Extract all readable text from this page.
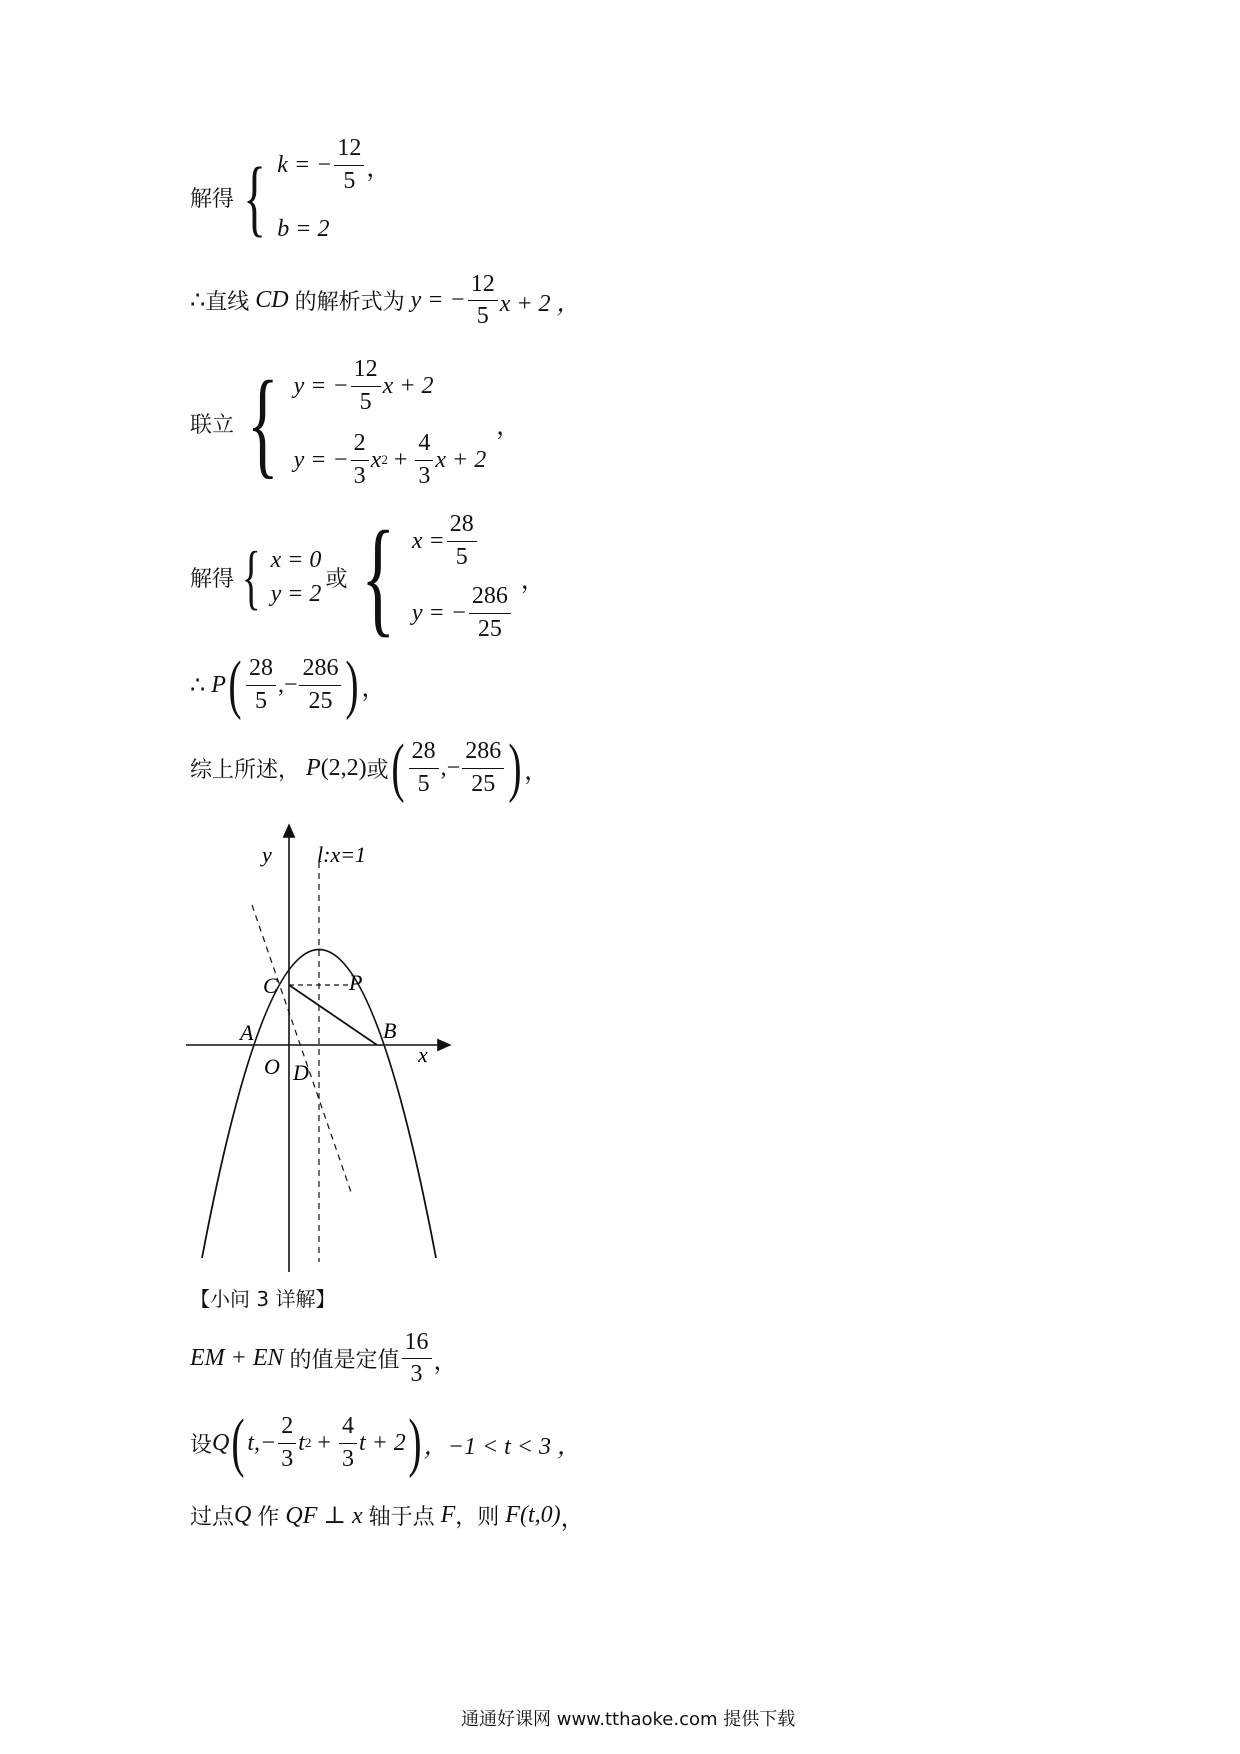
解得 { k = − $\frac{12}{5}$ ，
b = 2
∴ 直线 CD 的解析式为 y = − $\frac{12}{5}$ x + 2 ，
联立 { y = − $\frac{12}{5}$ x + 2
y = − $\frac{2}{3}$ x $2 + \frac{4}{3}$ x + 2
，
解得 { x = 0
y = 2
或 { $x = \frac{28}{5}$
y = − $\frac{286}{25}$
，
∴ P ( $\frac{28}{5}$ ,− $\frac{286}{25}$ ) ，
综上所述， P (2,2) 或 ( $\frac{28}{5}$ ,− $\frac{286}{25}$ ) ，
y
x
l:x=1
C	P
A	B
O D
【小问 3 详解】
EM + EN 的值是定值 $\frac{16}{3}$ ，
设 Q ( $t,- \frac{2}{3}$ t $2 + \frac{4}{3}$ t + 2 ) ，−1 < t < 3 ，
过点 Q 作 QF ⊥ x 轴于点 F ，则 F(t,0) ，
通通好课网 www.tthaoke.com 提供下载
